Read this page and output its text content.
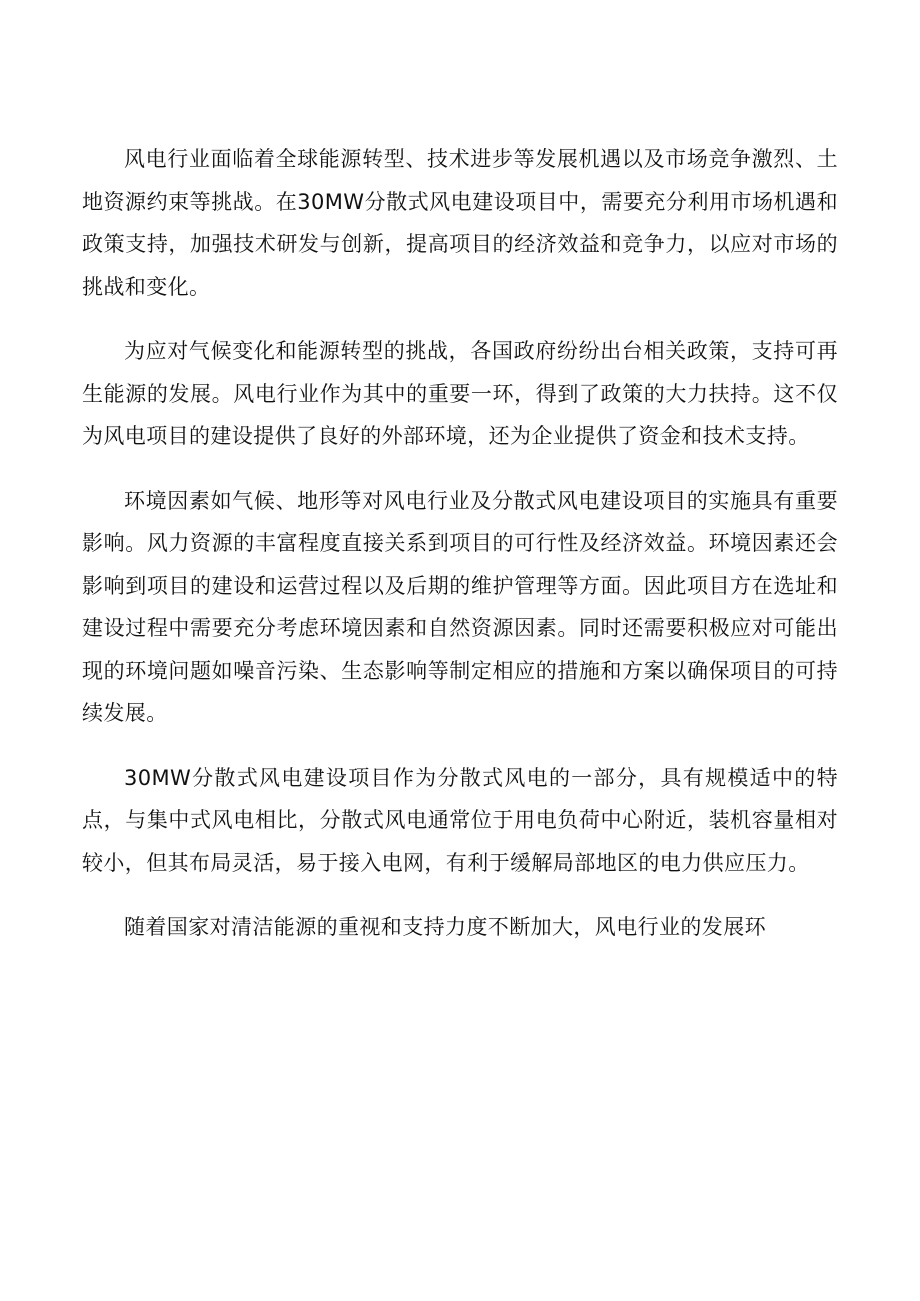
风电行业面临着全球能源转型、技术进步等发展机遇以及市场竞争激烈、土地资源约束等挑战。在30MW分散式风电建设项目中，需要充分利用市场机遇和政策支持，加强技术研发与创新，提高项目的经济效益和竞争力，以应对市场的挑战和变化。

为应对气候变化和能源转型的挑战，各国政府纷纷出台相关政策，支持可再生能源的发展。风电行业作为其中的重要一环，得到了政策的大力扶持。这不仅为风电项目的建设提供了良好的外部环境，还为企业提供了资金和技术支持。

环境因素如气候、地形等对风电行业及分散式风电建设项目的实施具有重要影响。风力资源的丰富程度直接关系到项目的可行性及经济效益。环境因素还会影响到项目的建设和运营过程以及后期的维护管理等方面。因此项目方在选址和建设过程中需要充分考虑环境因素和自然资源因素。同时还需要积极应对可能出现的环境问题如噪音污染、生态影响等制定相应的措施和方案以确保项目的可持续发展。

30MW分散式风电建设项目作为分散式风电的一部分，具有规模适中的特点，与集中式风电相比，分散式风电通常位于用电负荷中心附近，装机容量相对较小，但其布局灵活，易于接入电网，有利于缓解局部地区的电力供应压力。

随着国家对清洁能源的重视和支持力度不断加大，风电行业的发展环
